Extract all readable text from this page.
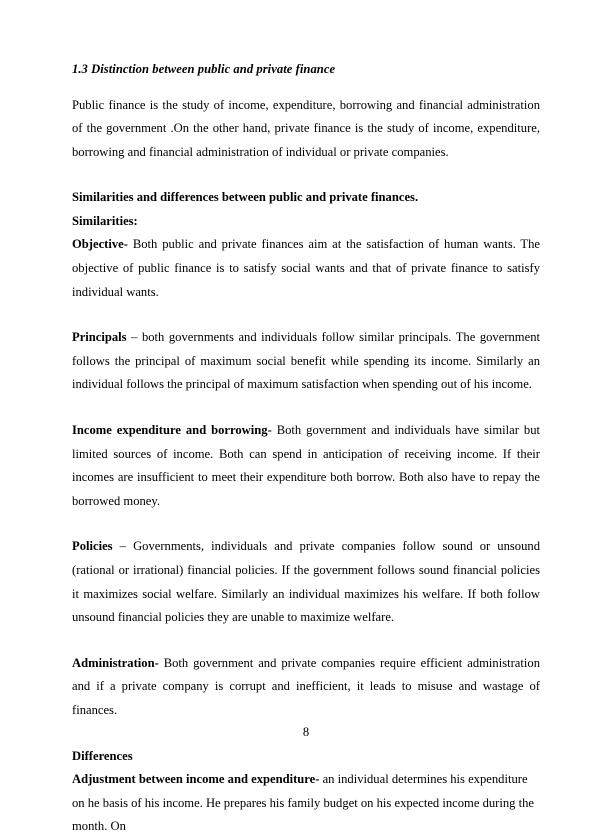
1.3 Distinction between public and private finance

Public finance is the study of income, expenditure, borrowing and financial administration of the government .On the other hand, private finance is the study of income, expenditure, borrowing and financial administration of individual or private companies.

Similarities and differences between public and private finances.
Similarities:

Objective- Both public and private finances aim at the satisfaction of human wants. The objective of public finance is to satisfy social wants and that of private finance to satisfy individual wants.

Principals – both governments and individuals follow similar principals. The government follows the principal of maximum social benefit while spending its income. Similarly an individual follows the principal of maximum satisfaction when spending out of his income.

Income expenditure and borrowing- Both government and individuals have similar but limited sources of income. Both can spend in anticipation of receiving income. If their incomes are insufficient to meet their expenditure both borrow. Both also have to repay the borrowed money.

Policies – Governments, individuals and private companies follow sound or unsound (rational or irrational) financial policies. If the government follows sound financial policies it maximizes social welfare. Similarly an individual maximizes his welfare. If both follow unsound financial policies they are unable to maximize welfare.

Administration- Both government and private companies require efficient administration and if a private company is corrupt and inefficient, it leads to misuse and wastage of finances.

Differences

Adjustment between income and expenditure- an individual determines his expenditure on he basis of his income. He prepares his family budget on his expected income during the month. On

8
